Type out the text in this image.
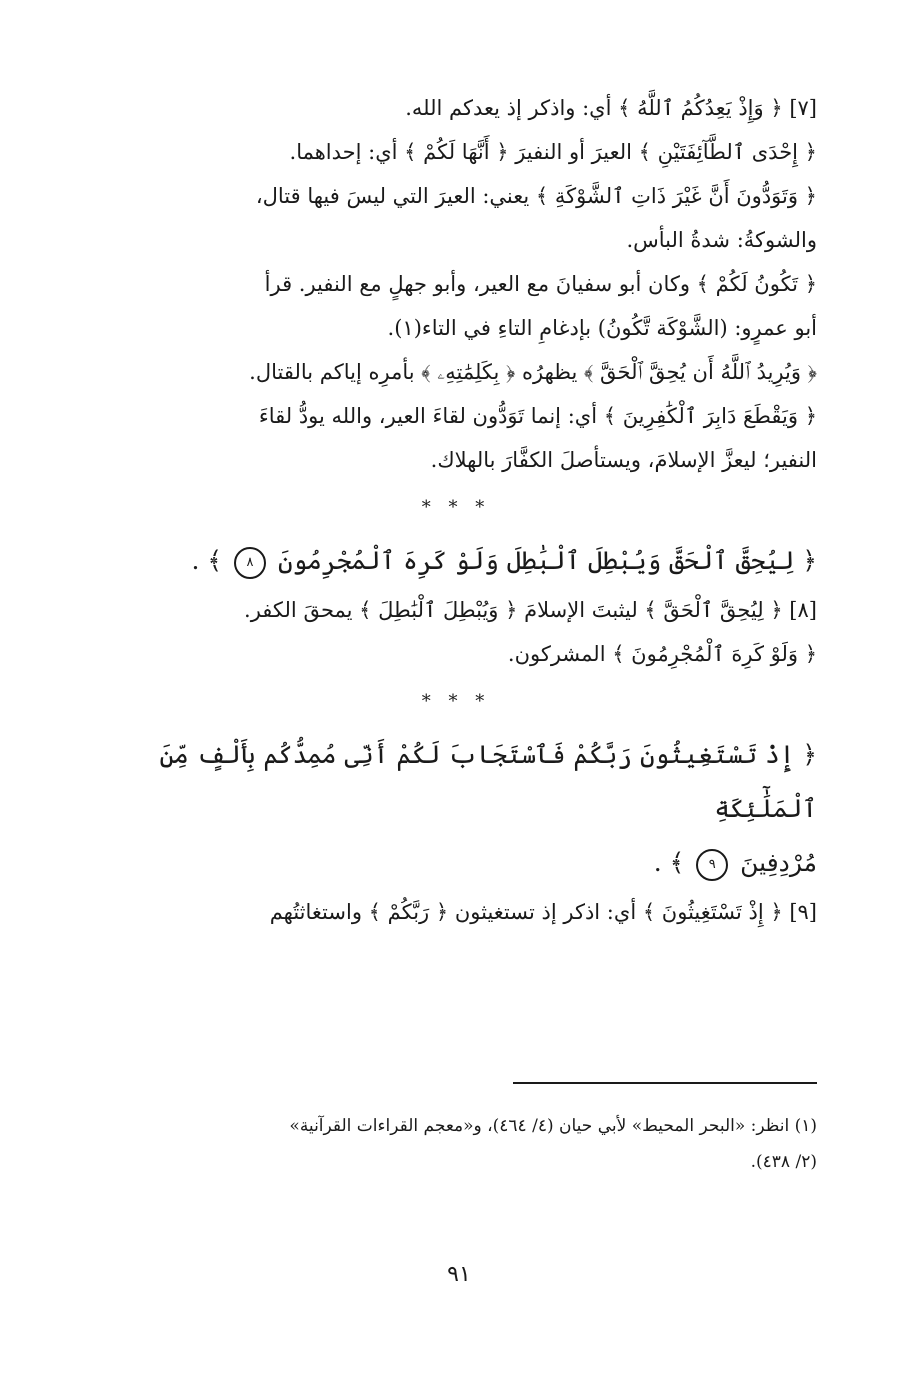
[٧] ﴿ وَإِذْ يَعِدُكُمُ ٱللَّهُ ﴾ أي: واذكر إذ يعدكم الله.
﴿ إِحْدَى ٱلطَّآئِفَتَيْنِ ﴾ العيرَ أو النفيرَ ﴿ أَنَّهَا لَكُمْ ﴾ أي: إحداهما.
﴿ وَتَوَدُّونَ أَنَّ غَيْرَ ذَاتِ ٱلشَّوْكَةِ ﴾ يعني: العيرَ التي ليسَ فيها قتال،
والشوكةُ: شدةُ البأس.
﴿ تَكُونُ لَكُمْ ﴾ وكان أبو سفيانَ مع العير، وأبو جهلٍ مع النفير. قرأ
أبو عمرٍو: (الشَّوْكَة تَّكُونُ) بإدغامِ التاءِ في التاء(١).
﴿ وَيُرِيدُ ٱللَّهُ أَن يُحِقَّ ٱلْحَقَّ ﴾ يظهرُه ﴿ بِكَلِمَٰتِهِۦ ﴾ بأمرِه إياكم بالقتال.
﴿ وَيَقْطَعَ دَابِرَ ٱلْكَٰفِرِينَ ﴾ أي: إنما تَوَدُّون لقاءَ العير، والله يودُّ لقاءَ
النفير؛ ليعزَّ الإسلامَ، ويستأصلَ الكفَّارَ بالهلاك.
* * *
﴿ لِيُحِقَّ ٱلْحَقَّ وَيُبْطِلَ ٱلْبَٰطِلَ وَلَوْ كَرِهَ ٱلْمُجْرِمُونَ ٨ ﴾ .
[٨] ﴿ لِيُحِقَّ ٱلْحَقَّ ﴾ ليثبتَ الإسلامَ ﴿ وَيُبْطِلَ ٱلْبَٰطِلَ ﴾ يمحقَ الكفر.
﴿ وَلَوْ كَرِهَ ٱلْمُجْرِمُونَ ﴾ المشركون.
* * *
﴿ إِذْ تَسْتَغِيثُونَ رَبَّكُمْ فَٱسْتَجَابَ لَكُمْ أَنِّى مُمِدُّكُم بِأَلْفٍ مِّنَ ٱلْمَلَٰٓئِكَةِ
مُرْدِفِينَ ٩ ﴾ .
[٩] ﴿ إِذْ تَسْتَغِيثُونَ ﴾ أي: اذكر إذ تستغيثون ﴿ رَبَّكُمْ ﴾ واستغاثتُهم
(١) انظر: «البحر المحيط» لأبي حيان (٤/ ٤٦٤)، و«معجم القراءات القرآنية»
(٢/ ٤٣٨).
٩١
